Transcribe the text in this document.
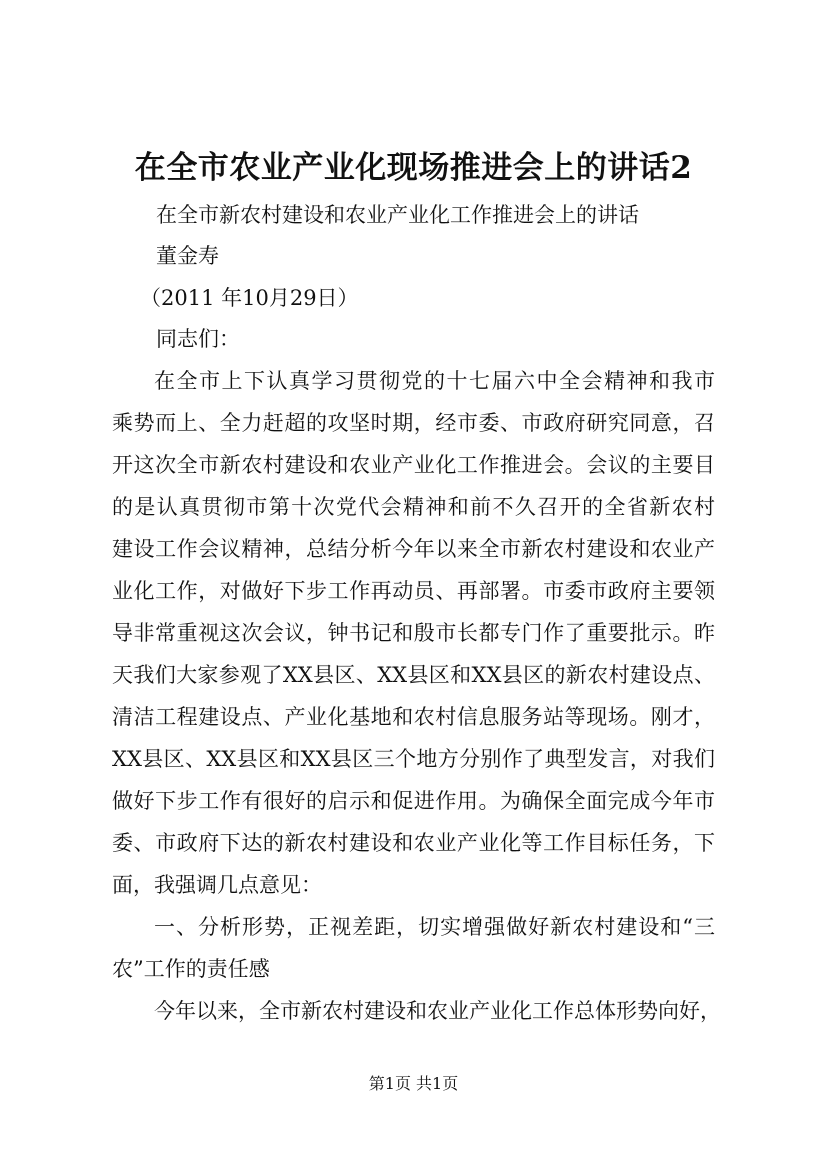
在全市农业产业化现场推进会上的讲话2
在全市新农村建设和农业产业化工作推进会上的讲话
董金寿
（2011 年10月29日）
同志们：
在全市上下认真学习贯彻党的十七届六中全会精神和我市
乘势而上、全力赶超的攻坚时期，经市委、市政府研究同意，召
开这次全市新农村建设和农业产业化工作推进会。会议的主要目
的是认真贯彻市第十次党代会精神和前不久召开的全省新农村
建设工作会议精神，总结分析今年以来全市新农村建设和农业产
业化工作，对做好下步工作再动员、再部署。市委市政府主要领
导非常重视这次会议，钟书记和殷市长都专门作了重要批示。昨
天我们大家参观了XX县区、XX县区和XX县区的新农村建设点、
清洁工程建设点、产业化基地和农村信息服务站等现场。刚才，
XX县区、XX县区和XX县区三个地方分别作了典型发言，对我们
做好下步工作有很好的启示和促进作用。为确保全面完成今年市
委、市政府下达的新农村建设和农业产业化等工作目标任务，下
面，我强调几点意见：
一、分析形势，正视差距，切实增强做好新农村建设和“三
农”工作的责任感
今年以来，全市新农村建设和农业产业化工作总体形势向好，
第1页 共1页
